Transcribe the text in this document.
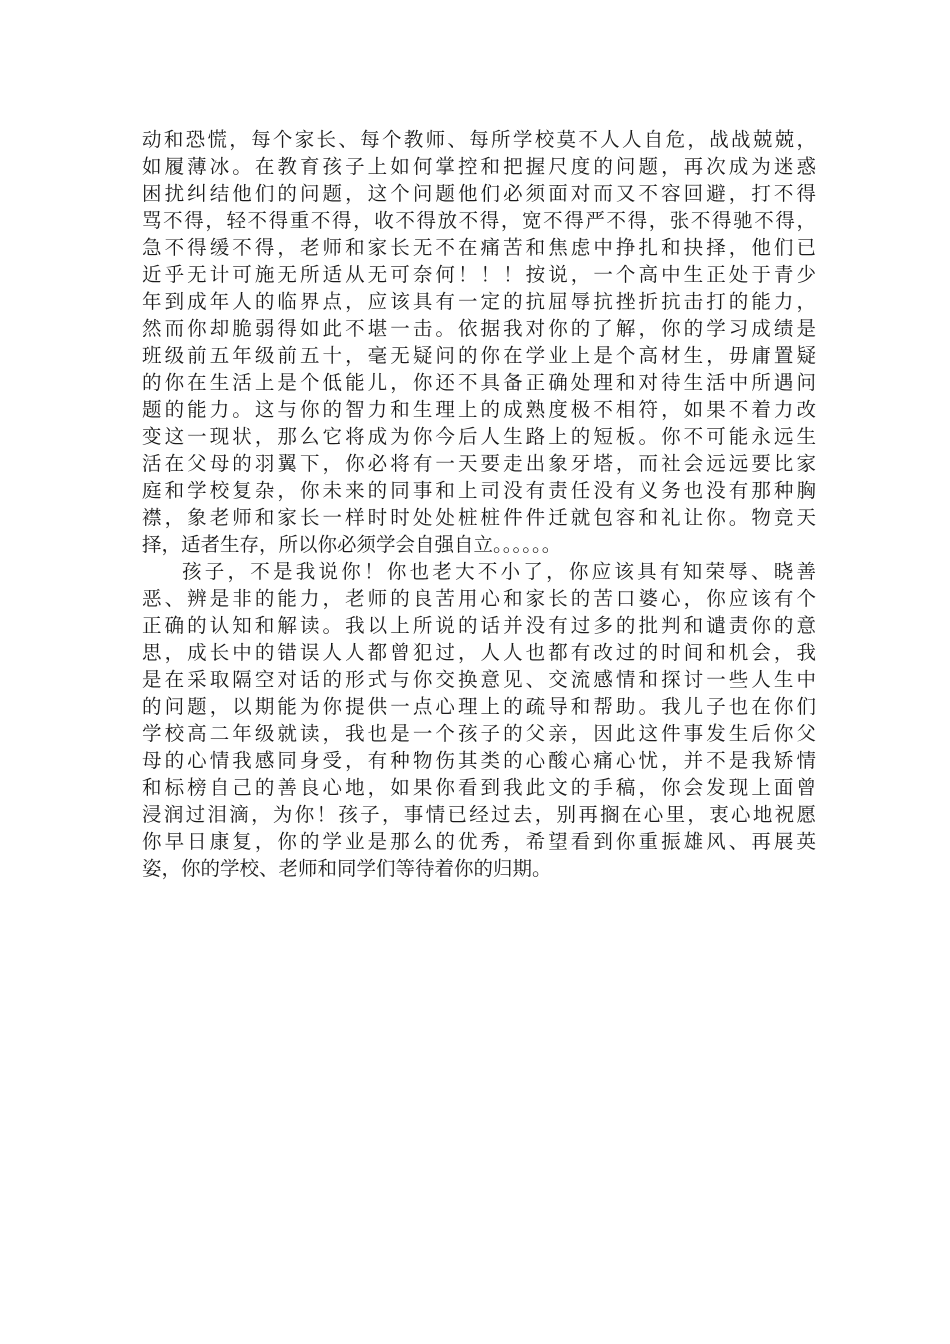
动和恐慌，每个家长、每个教师、每所学校莫不人人自危，战战兢兢，
如履薄冰。在教育孩子上如何掌控和把握尺度的问题，再次成为迷惑
困扰纠结他们的问题，这个问题他们必须面对而又不容回避，打不得
骂不得，轻不得重不得，收不得放不得，宽不得严不得，张不得驰不得，
急不得缓不得，老师和家长无不在痛苦和焦虑中挣扎和抉择，他们已
近乎无计可施无所适从无可奈何！！！按说，一个高中生正处于青少
年到成年人的临界点，应该具有一定的抗屈辱抗挫折抗击打的能力，
然而你却脆弱得如此不堪一击。依据我对你的了解，你的学习成绩是
班级前五年级前五十，毫无疑问的你在学业上是个高材生，毋庸置疑
的你在生活上是个低能儿，你还不具备正确处理和对待生活中所遇问
题的能力。这与你的智力和生理上的成熟度极不相符，如果不着力改
变这一现状，那么它将成为你今后人生路上的短板。你不可能永远生
活在父母的羽翼下，你必将有一天要走出象牙塔，而社会远远要比家
庭和学校复杂，你未来的同事和上司没有责任没有义务也没有那种胸
襟，象老师和家长一样时时处处桩桩件件迁就包容和礼让你。物竞天
择，适者生存，所以你必须学会自强自立。。。。。。
孩子，不是我说你！你也老大不小了，你应该具有知荣辱、晓善
恶、辨是非的能力，老师的良苦用心和家长的苦口婆心，你应该有个
正确的认知和解读。我以上所说的话并没有过多的批判和谴责你的意
思，成长中的错误人人都曾犯过，人人也都有改过的时间和机会，我
是在采取隔空对话的形式与你交换意见、交流感情和探讨一些人生中
的问题，以期能为你提供一点心理上的疏导和帮助。我儿子也在你们
学校高二年级就读，我也是一个孩子的父亲，因此这件事发生后你父
母的心情我感同身受，有种物伤其类的心酸心痛心忧，并不是我矫情
和标榜自己的善良心地，如果你看到我此文的手稿，你会发现上面曾
浸润过泪滴，为你！孩子，事情已经过去，别再搁在心里，衷心地祝愿
你早日康复，你的学业是那么的优秀，希望看到你重振雄风、再展英
姿，你的学校、老师和同学们等待着你的归期。
